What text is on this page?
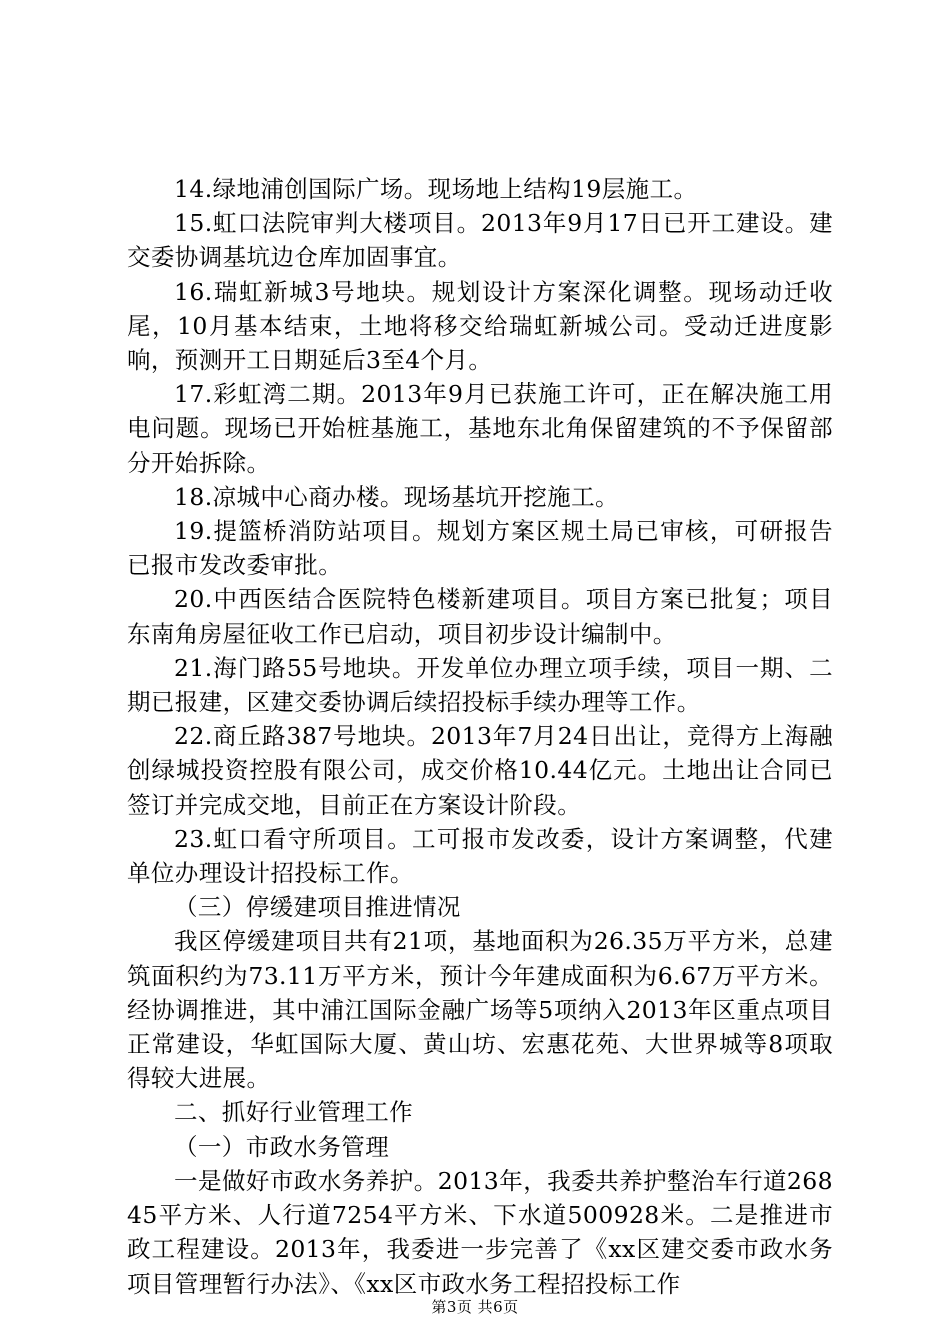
14.绿地浦创国际广场。现场地上结构19层施工。

15.虹口法院审判大楼项目。2013年9月17日已开工建设。建交委协调基坑边仓库加固事宜。

16.瑞虹新城3号地块。规划设计方案深化调整。现场动迁收尾，10月基本结束，土地将移交给瑞虹新城公司。受动迁进度影响，预测开工日期延后3至4个月。

17.彩虹湾二期。2013年9月已获施工许可，正在解决施工用电问题。现场已开始桩基施工，基地东北角保留建筑的不予保留部分开始拆除。

18.凉城中心商办楼。现场基坑开挖施工。

19.提篮桥消防站项目。规划方案区规土局已审核，可研报告已报市发改委审批。

20.中西医结合医院特色楼新建项目。项目方案已批复；项目东南角房屋征收工作已启动，项目初步设计编制中。

21.海门路55号地块。开发单位办理立项手续，项目一期、二期已报建，区建交委协调后续招投标手续办理等工作。

22.商丘路387号地块。2013年7月24日出让，竞得方上海融创绿城投资控股有限公司，成交价格10.44亿元。土地出让合同已签订并完成交地，目前正在方案设计阶段。

23.虹口看守所项目。工可报市发改委，设计方案调整，代建单位办理设计招投标工作。

（三）停缓建项目推进情况

我区停缓建项目共有21项，基地面积为26.35万平方米，总建筑面积约为73.11万平方米，预计今年建成面积为6.67万平方米。经协调推进，其中浦江国际金融广场等5项纳入2013年区重点项目正常建设，华虹国际大厦、黄山坊、宏惠花苑、大世界城等8项取得较大进展。

二、抓好行业管理工作

（一）市政水务管理

一是做好市政水务养护。2013年，我委共养护整治车行道26845平方米、人行道7254平方米、下水道500928米。二是推进市政工程建设。2013年，我委进一步完善了《xx区建交委市政水务项目管理暂行办法》、《xx区市政水务工程招投标工作

第3页 共6页
